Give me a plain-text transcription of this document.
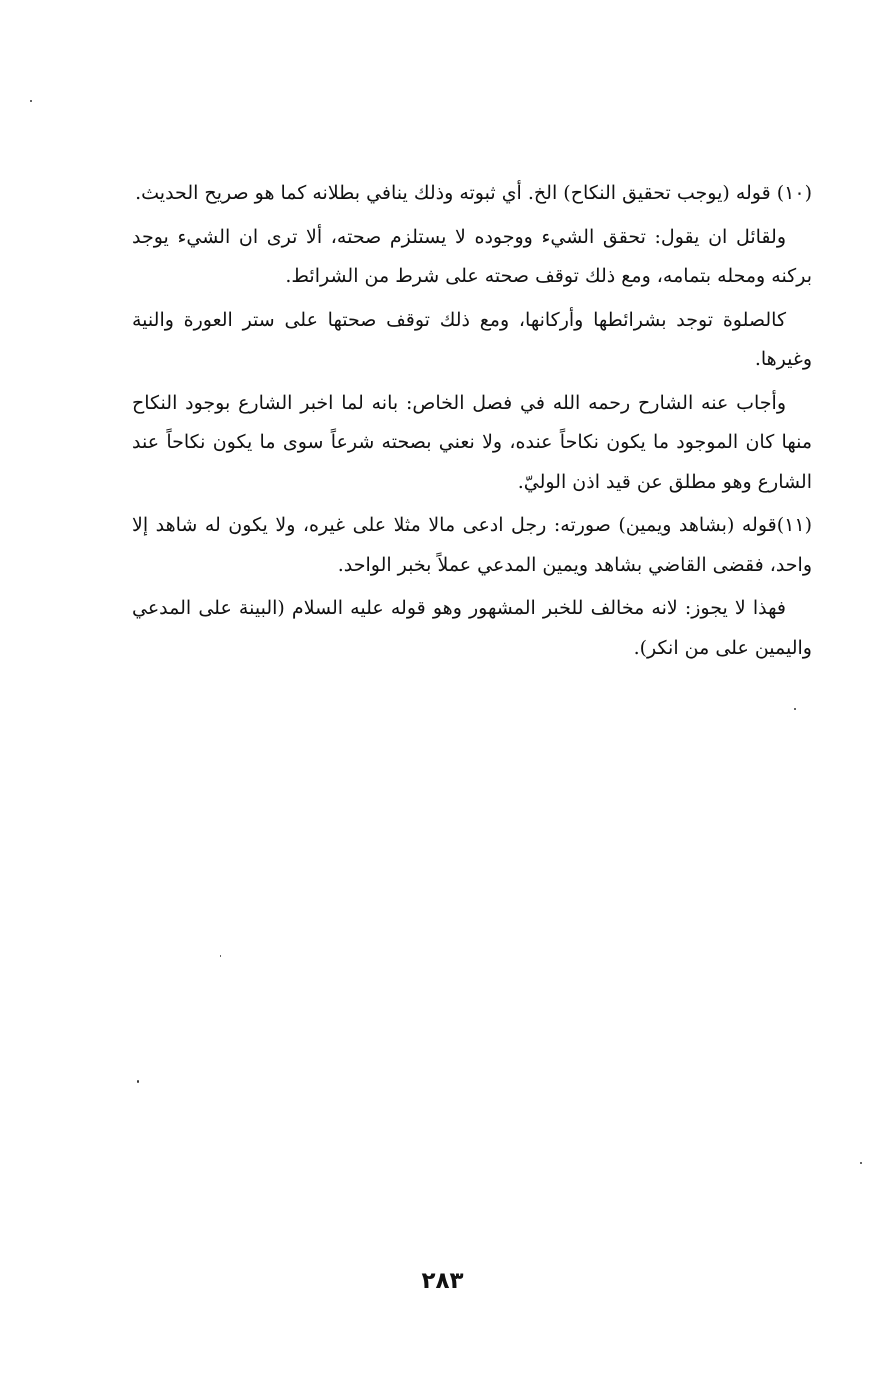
(١٠) قوله (يوجب تحقيق النكاح) الخ. أي ثبوته وذلك ينافي بطلانه كما هو صريح الحديث.

ولقائل ان يقول: تحقق الشيء ووجوده لا يستلزم صحته، ألا ترى ان الشيء يوجد بركنه ومحله بتمامه، ومع ذلك توقف صحته على شرط من الشرائط.

كالصلوة توجد بشرائطها وأركانها، ومع ذلك توقف صحتها على ستر العورة والنية وغيرها.

وأجاب عنه الشارح رحمه الله في فصل الخاص: بانه لما اخبر الشارع بوجود النكاح منها كان الموجود ما يكون نكاحاً عنده، ولا نعني بصحته شرعاً سوى ما يكون نكاحاً عند الشارع وهو مطلق عن قيد اذن الوليّ.

(١١)قوله (بشاهد ويمين) صورته: رجل ادعى مالا مثلا على غيره، ولا يكون له شاهد إلا واحد، فقضى القاضي بشاهد ويمين المدعي عملاً بخبر الواحد.

فهذا لا يجوز: لانه مخالف للخبر المشهور وهو قوله عليه السلام (البينة على المدعي واليمين على من انكر).

٢٨٣
